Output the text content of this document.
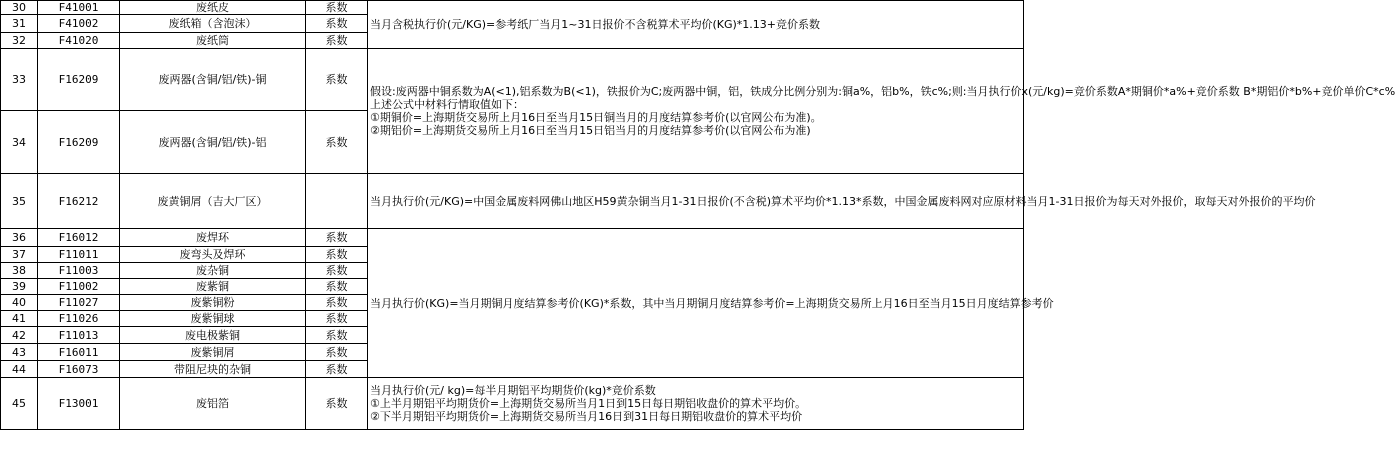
30	F41001	废纸皮	系数	当月含税执行价(元/KG)=参考纸厂当月1~31日报价不含税算术平均价(KG)*1.13+竞价系数

31	F41002	废纸箱（含泡沫）	系数	
32	F41020	废纸筒	系数	
33	F16209	废两器(含铜/铝/铁)-铜	系数	假设:废两器中铜系数为A(<1),铝系数为B(<1)，铁报价为C;废两器中铜，铝，铁成分比例分别为:铜a%，铝b%，铁c%;则:当月执行价x(元/kg)=竞价系数A*期铜价*a%+竞价系数 B*期铝价*b%+竞价单价C*c%
上述公式中材料行情取值如下：
①期铜价=上海期货交易所上月16日至当月15日铜当月的月度结算参考价(以官网公布为准)。
②期铝价=上海期货交易所上月16日至当月15日铝当月的月度结算参考价(以官网公布为准)

34	F16209	废两器(含铜/铝/铁)-铝	系数	
35	F16212	废黄铜屑（吉大厂区）		当月执行价(元/KG)=中国金属废料网佛山地区H59黄杂铜当月1-31日报价(不含税)算术平均价*1.13*系数，中国金属废料网对应原材料当月1-31日报价为每天对外报价，取每天对外报价的平均价

36	F16012	废焊环	系数	当月执行价(KG)=当月期铜月度结算参考价(KG)*系数，其中当月期铜月度结算参考价=上海期货交易所上月16日至当月15日月度结算参考价

37	F11011	废弯头及焊环	系数	
38	F11003	废杂铜	系数	
39	F11002	废紫铜	系数	
40	F11027	废紫铜粉	系数	
41	F11026	废紫铜球	系数	
42	F11013	废电极紫铜	系数	
43	F16011	废紫铜屑	系数	
44	F16073	带阻尼块的杂铜	系数	
45	F13001	废铝箔	系数	当月执行价(元/ kg)=每半月期铝平均期货价(kg)*竞价系数
①上半月期铝平均期货价=上海期货交易所当月1日到15日每日期铝收盘价的算术平均价。
②下半月期铝平均期货价=上海期货交易所当月16日到31日每日期铝收盘价的算术平均价
